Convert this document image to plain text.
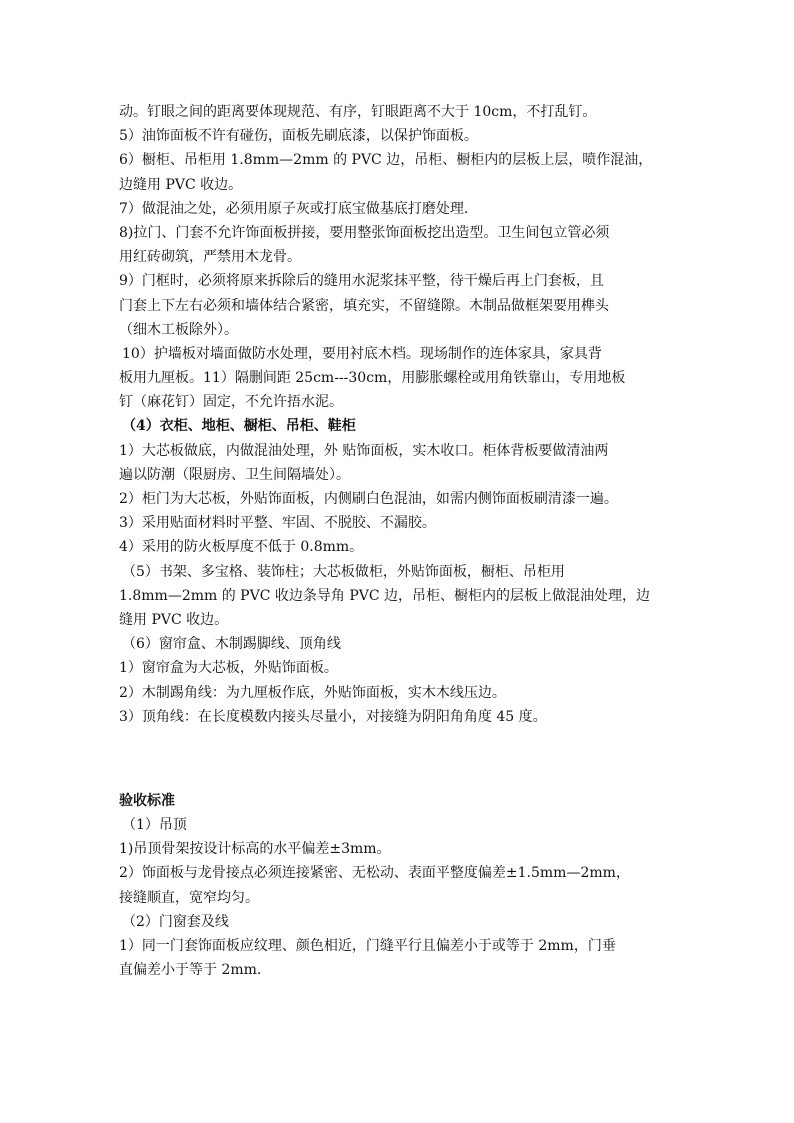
动。钉眼之间的距离要体现规范、有序，钉眼距离不大于 10cm，不打乱钉。
5）油饰面板不许有碰伤，面板先刷底漆，以保护饰面板。
6）橱柜、吊柜用 1.8mm—2mm 的 PVC 边，吊柜、橱柜内的层板上层，喷作混油，
边缝用 PVC 收边。
7）做混油之处，必须用原子灰或打底宝做基底打磨处理.
8)拉门、门套不允许饰面板拼接，要用整张饰面板挖出造型。卫生间包立管必须
用红砖砌筑，严禁用木龙骨。
9）门框时，必须将原来拆除后的缝用水泥浆抹平整，待干燥后再上门套板，且
门套上下左右必须和墙体结合紧密，填充实，不留缝隙。木制品做框架要用榫头
（细木工板除外）。
10）护墙板对墙面做防水处理，要用衬底木档。现场制作的连体家具，家具背
板用九厘板。11）隔删间距 25cm---30cm，用膨胀螺栓或用角铁靠山，专用地板
钉（麻花钉）固定，不允许捂水泥。
（4）衣柜、地柜、橱柜、吊柜、鞋柜
1）大芯板做底，内做混油处理，外 贴饰面板，实木收口。柜体背板要做清油两
遍以防潮（限厨房、卫生间隔墙处）。
2）柜门为大芯板，外贴饰面板，内侧刷白色混油，如需内侧饰面板刷清漆一遍。
3）采用贴面材料时平整、牢固、不脱胶、不漏胶。
4）采用的防火板厚度不低于 0.8mm。
（5）书架、多宝格、装饰柱；大芯板做柜，外贴饰面板，橱柜、吊柜用
1.8mm—2mm 的 PVC 收边条导角 PVC 边，吊柜、橱柜内的层板上做混油处理，边
缝用 PVC 收边。
（6）窗帘盒、木制踢脚线、顶角线
1）窗帘盒为大芯板，外贴饰面板。
2）木制踢角线：为九厘板作底，外贴饰面板，实木木线压边。
3）顶角线：在长度模数内接头尽量小，对接缝为阴阳角角度 45 度。
验收标准
（1）吊顶
1)吊顶骨架按设计标高的水平偏差±3mm。
2）饰面板与龙骨接点必须连接紧密、无松动、表面平整度偏差±1.5mm—2mm，
接缝顺直，宽窄均匀。
（2）门窗套及线
1）同一门套饰面板应纹理、颜色相近，门缝平行且偏差小于或等于 2mm，门垂
直偏差小于等于 2mm.
